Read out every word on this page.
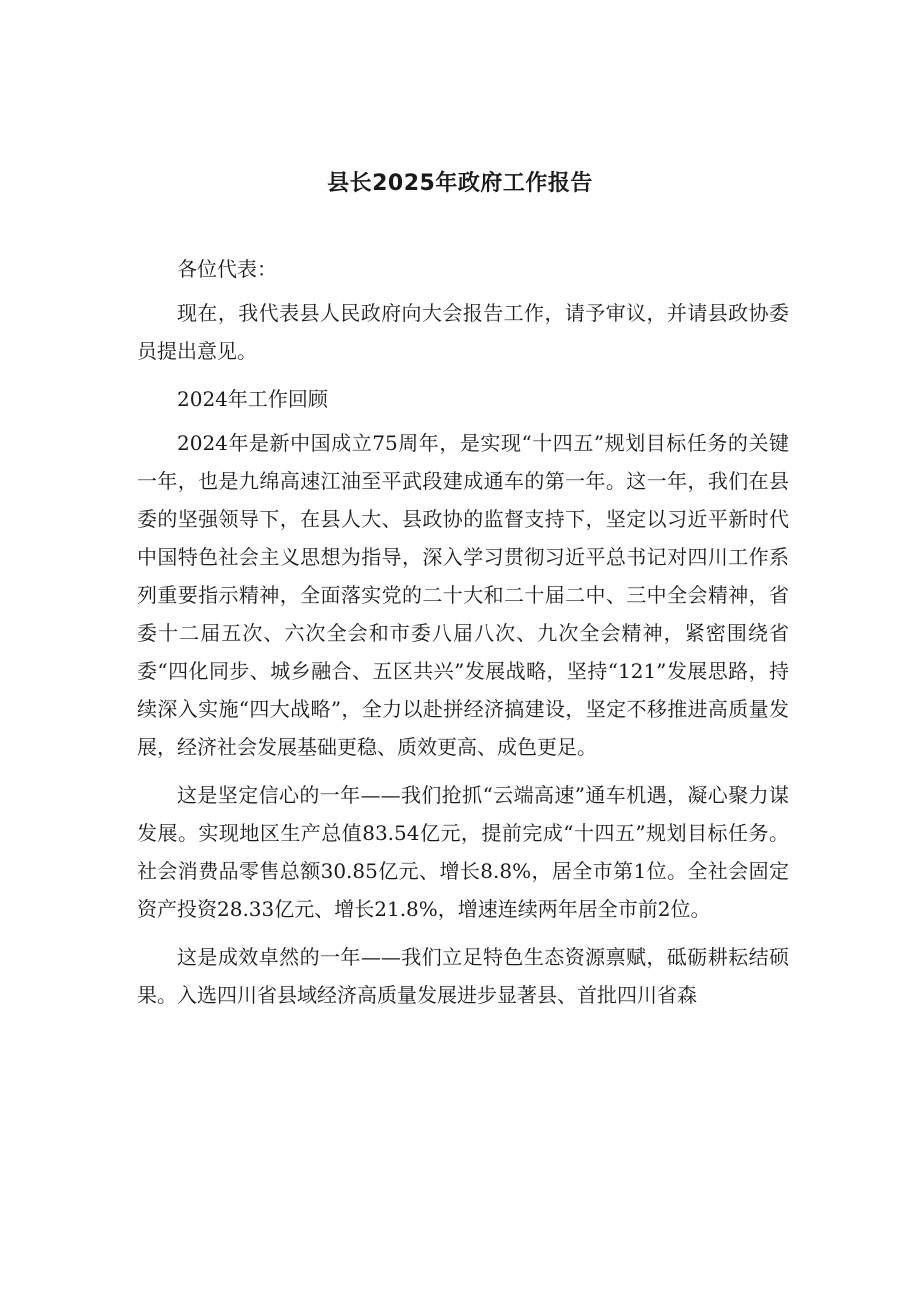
县长2025年政府工作报告

各位代表：

现在，我代表县人民政府向大会报告工作，请予审议，并请县政协委员提出意见。

2024年工作回顾

2024年是新中国成立75周年，是实现“十四五”规划目标任务的关键一年，也是九绵高速江油至平武段建成通车的第一年。这一年，我们在县委的坚强领导下，在县人大、县政协的监督支持下，坚定以习近平新时代中国特色社会主义思想为指导，深入学习贯彻习近平总书记对四川工作系列重要指示精神，全面落实党的二十大和二十届二中、三中全会精神，省委十二届五次、六次全会和市委八届八次、九次全会精神，紧密围绕省委“四化同步、城乡融合、五区共兴”发展战略，坚持“121”发展思路，持续深入实施“四大战略”，全力以赴拼经济搞建设，坚定不移推进高质量发展，经济社会发展基础更稳、质效更高、成色更足。

这是坚定信心的一年——我们抢抓“云端高速”通车机遇，凝心聚力谋发展。实现地区生产总值83.54亿元，提前完成“十四五”规划目标任务。社会消费品零售总额30.85亿元、增长8.8%，居全市第1位。全社会固定资产投资28.33亿元、增长21.8%，增速连续两年居全市前2位。

这是成效卓然的一年——我们立足特色生态资源禀赋，砥砺耕耘结硕果。入选四川省县域经济高质量发展进步显著县、首批四川省森
